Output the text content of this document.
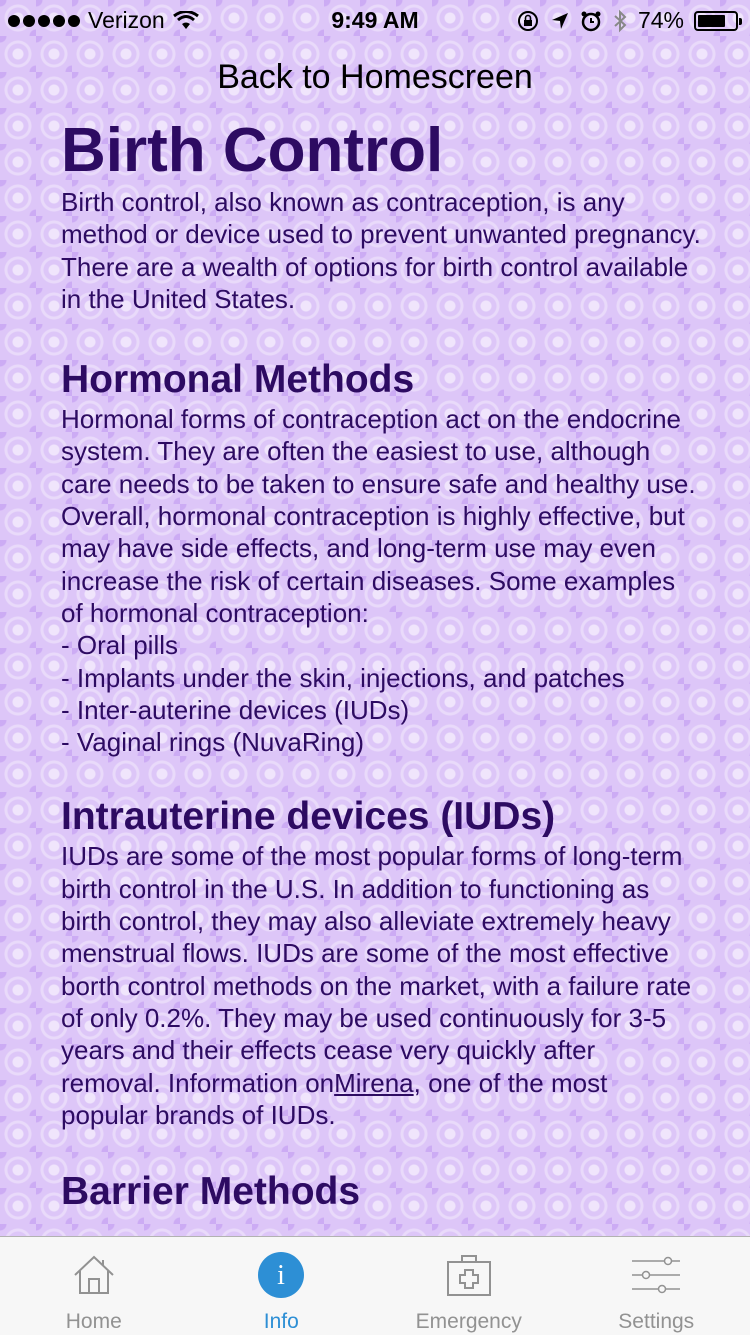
Verizon	9:49 AM	74%
Back to Homescreen
Birth Control

Birth control, also known as contraception, is any method or device used to prevent unwanted pregnancy. There are a wealth of options for birth control available in the United States.

Hormonal Methods

Hormonal forms of contraception act on the endocrine system. They are often the easiest to use, although care needs to be taken to ensure safe and healthy use. Overall, hormonal contraception is highly effective, but may have side effects, and long-term use may even increase the risk of certain diseases. Some examples of hormonal contraception:

- Oral pills

- Implants under the skin, injections, and patches

- Inter-auterine devices (IUDs)

- Vaginal rings (NuvaRing)

Intrauterine devices (IUDs)

IUDs are some of the most popular forms of long-term birth control in the U.S. In addition to functioning as birth control, they may also alleviate extremely heavy menstrual flows. IUDs are some of the most effective borth control methods on the market, with a failure rate of only 0.2%. They may be used continuously for 3-5 years and their effects cease very quickly after removal. Information onMirena, one of the most popular brands of IUDs.

Barrier Methods
Home
i
Info	Emergency	Settings
